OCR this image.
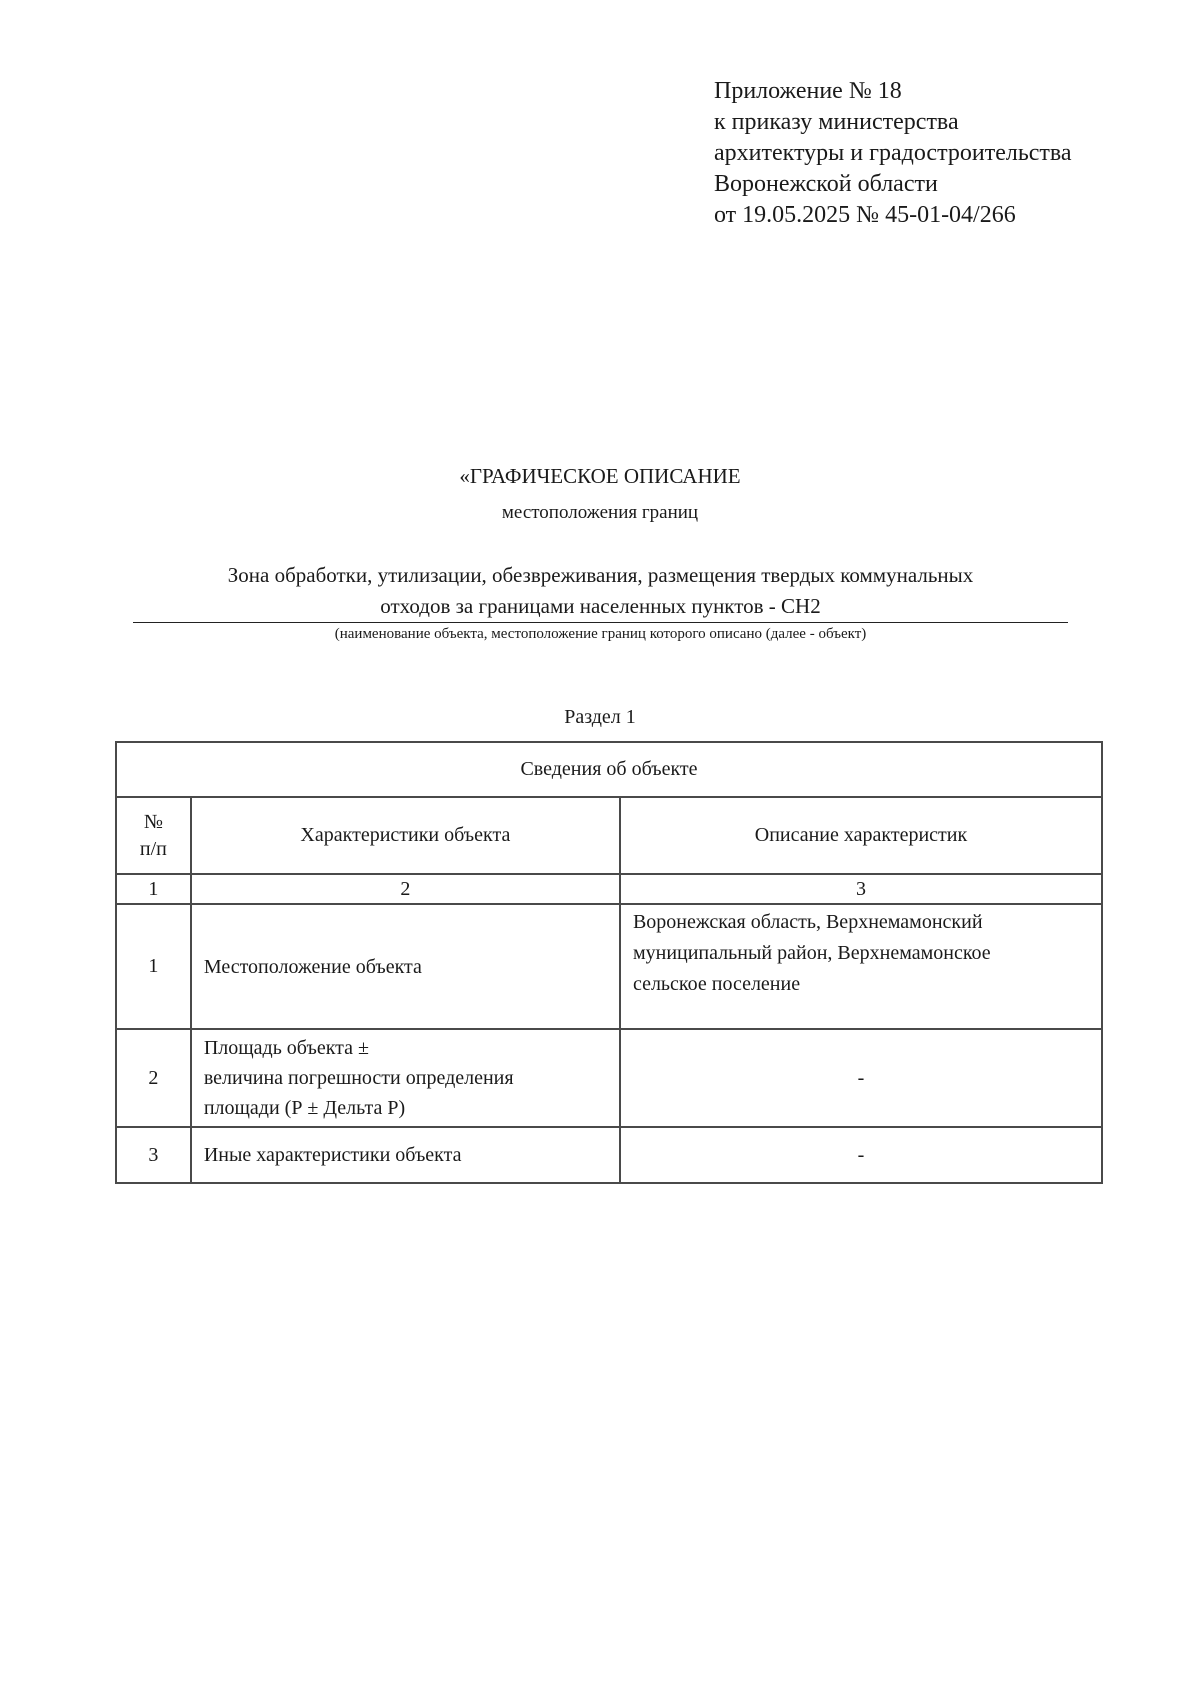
Приложение № 18
к приказу министерства
архитектуры и градостроительства
Воронежской области
от 19.05.2025 № 45-01-04/266
«ГРАФИЧЕСКОЕ ОПИСАНИЕ
местоположения границ
Зона обработки, утилизации, обезвреживания, размещения твердых коммунальных
отходов за границами населенных пунктов - СН2
(наименование объекта, местоположение границ которого описано (далее - объект)
Раздел 1
Сведения об объекте		

№
п/п	Характеристики объекта	Описание характеристик
1	2	3
1	Местоположение объекта	Воронежская область, Верхнемамонский
муниципальный район, Верхнемамонское
сельское поселение

2	Площадь объекта ±
величина погрешности определения
площади (Р ± Дельта Р)	-

3	Иные характеристики объекта	-
